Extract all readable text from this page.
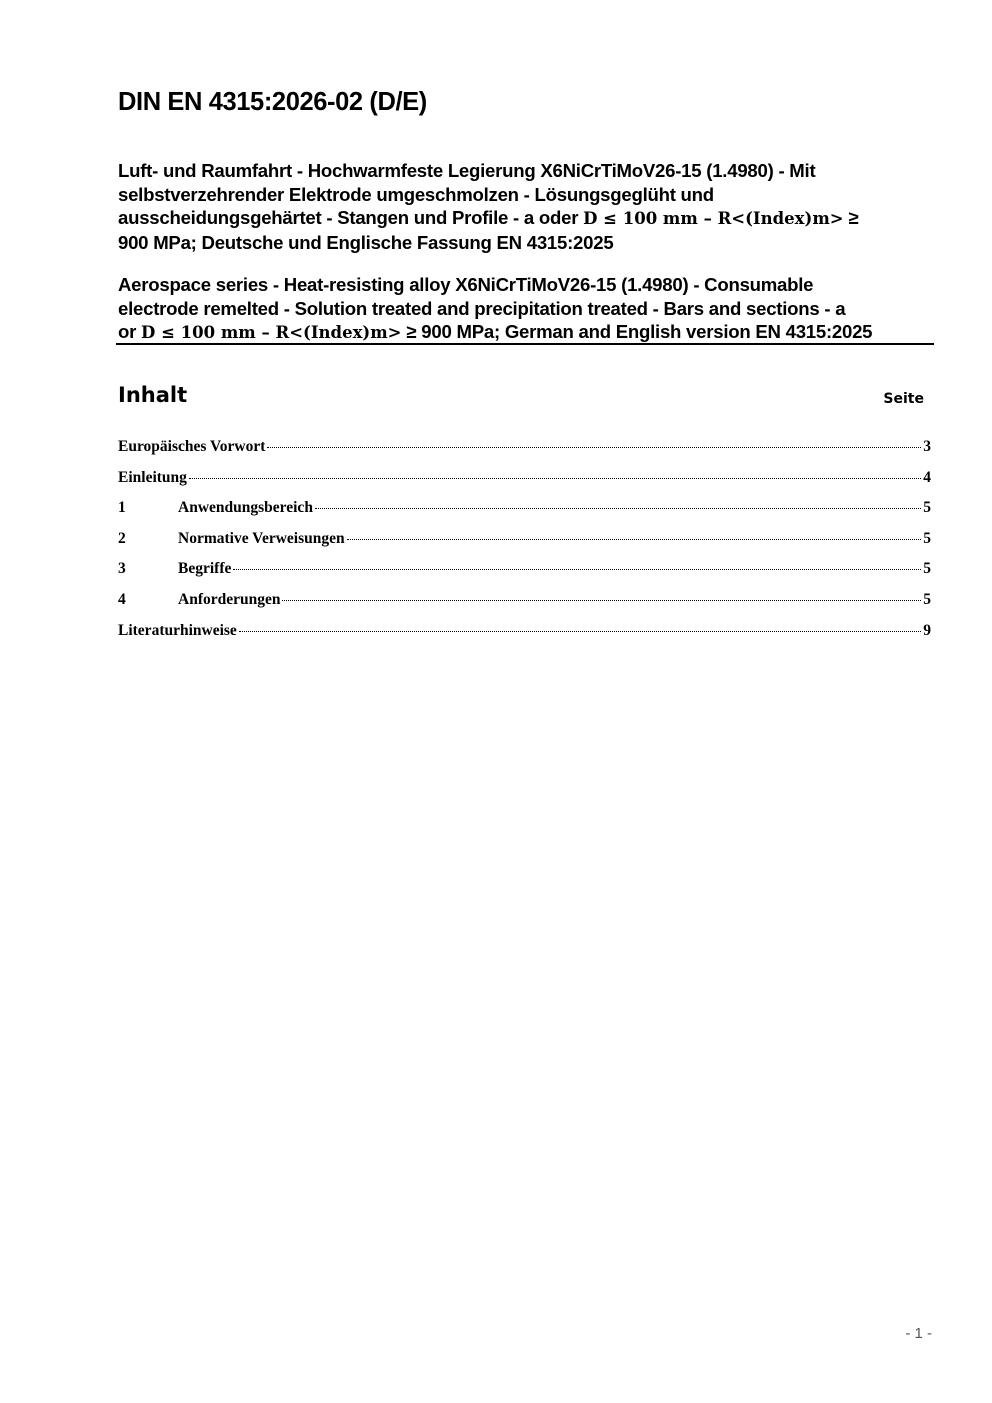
DIN EN 4315:2026-02 (D/E)
Luft- und Raumfahrt - Hochwarmfeste Legierung X6NiCrTiMoV26-15 (1.4980) - Mit
selbstverzehrender Elektrode umgeschmolzen - Lösungsgeglüht und
ausscheidungsgehärtet - Stangen und Profile - a oder D ≤ 100 mm – R<(Index)m> ≥
900 MPa; Deutsche und Englische Fassung EN 4315:2025
Aerospace series - Heat-resisting alloy X6NiCrTiMoV26-15 (1.4980) - Consumable
electrode remelted - Solution treated and precipitation treated - Bars and sections - a
or D ≤ 100 mm – R<(Index)m> ≥ 900 MPa; German and English version EN 4315:2025
Inhalt	Seite
Europäisches Vorwort	3
Einleitung	4
1	Anwendungsbereich	5
2	Normative Verweisungen	5
3	Begriffe	5
4	Anforderungen	5
Literaturhinweise	9
- 1 -
